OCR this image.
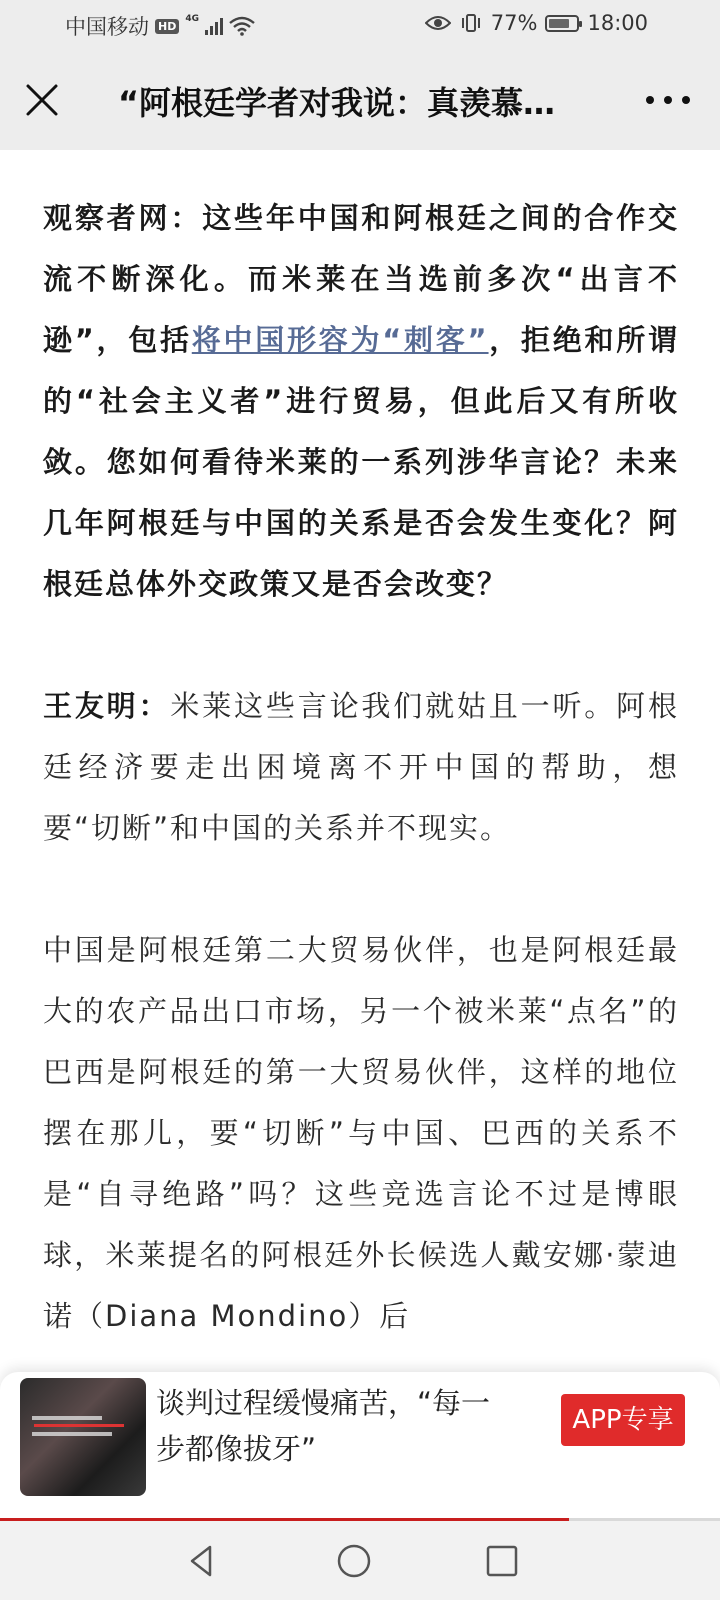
中国移动 HD
4G	77% 18:00
“阿根廷学者对我说：真羡慕…

观察者网：这些年中国和阿根廷之间的合作交流不断深化。而米莱在当选前多次“出言不逊”，包括将中国形容为“刺客”，拒绝和所谓的“社会主义者”进行贸易，但此后又有所收敛。您如何看待米莱的一系列涉华言论？未来几年阿根廷与中国的关系是否会发生变化？阿根廷总体外交政策又是否会改变？

王友明：米莱这些言论我们就姑且一听。阿根廷经济要走出困境离不开中国的帮助，想要“切断”和中国的关系并不现实。

中国是阿根廷第二大贸易伙伴，也是阿根廷最大的农产品出口市场，另一个被米莱“点名”的巴西是阿根廷的第一大贸易伙伴，这样的地位摆在那儿，要“切断”与中国、巴西的关系不是“自寻绝路”吗？这些竞选言论不过是博眼球，米莱提名的阿根廷外长候选人戴安娜·蒙迪诺（Diana Mondino）后

谈判过程缓慢痛苦，“每一步都像拔牙”
APP专享
